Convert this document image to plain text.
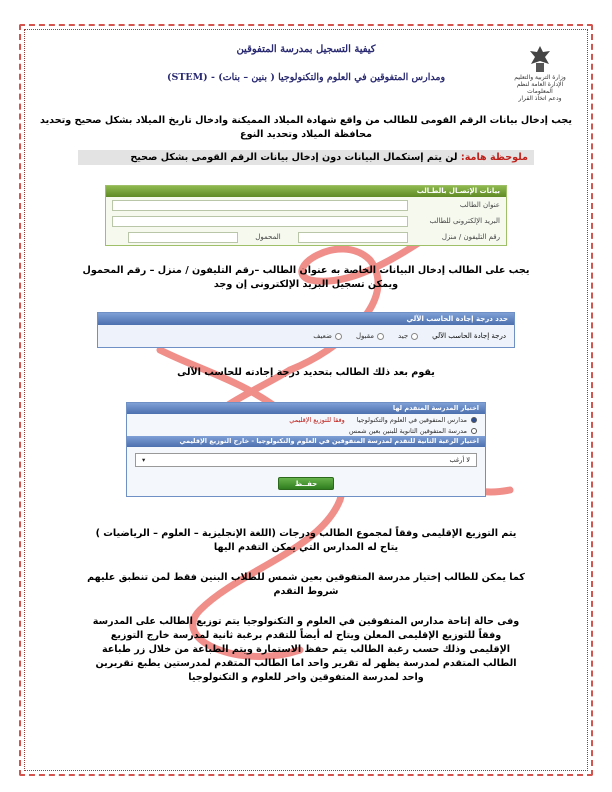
وزارة التربية والتعليم
الإدارة العامة لنظم المعلومات
ودعم اتخاذ القرار
كيفية التسجيل بمدرسة المتفوقين
ومدارس المتفوقين في العلوم والتكنولوجيا ( بنين – بنات) - (STEM)

يجب إدخال بيانات الرقم القومى للطالب من واقع شهادة الميلاد المميكنة وادخال تاريخ الميلاد بشكل صحيح وتحديد محافظة الميلاد وتحديد النوع

ملوحظة هامة: لن يتم إستكمال البيانات دون إدخال بيانات الرقم القومى بشكل صحيح
بيانات الإتصـال بالطـالب
عنوان الطالب
البريد الإلكترونى للطالب
رقم التليفون / منزل
المحمول

يجب على الطالب إدخال البيانات الخاصة به عنوان الطالب –رقم التليفون / منزل – رقم المحمول

ويمكن تسجيل البريد الإلكترونى إن وجد

حدد درجة إجادة الحاسب الآلي
درجة إجادة الحاسب الآلي
جيد
مقبول
ضعيف

يقوم بعد ذلك الطالب بتحديد درجة إجادته للحاسب الآلى

اختيار المدرسة المتقدم لها
مدارس المتفوقين في العلوم والتكنولوجيا
وفقا للتوزيع الإقليمي
مدرسة المتفوقين الثانوية للبنين بعين شمس
اختيار الرغبة الثانية للتقدم لمدرسة المتفوقين في العلوم والتكنولوجيا - خارج التوزيع الإقليمي
لا أرغب
▾
حفــظ

يتم التوزيع الإقليمى وفقاً لمجموع الطالب ودرجات (اللغة الإنجليزية – العلوم – الرياضيات )

يتاح له المدارس التي يمكن التقدم اليها

كما يمكن للطالب إختيار مدرسة المتفوقين بعين شمس للطلاب البنين فقط لمن تنطبق عليهم

شروط التقدم

وفى حالة إتاحة مدارس المتفوقين في العلوم و التكنولوجيا يتم توزيع الطالب على المدرسة وفقاً للتوزيع الإقليمى المعلن ويتاح له أيضاً للتقدم برغبة ثانية لمدرسة خارج التوزيع الإقليمى وذلك حسب رغبة الطالب يتم حفظ الاستمارة ويتم الطباعة من خلال زر طباعة الطالب المتقدم لمدرسة يظهر له تقرير واحد اما الطالب المتقدم لمدرستين يطبع تقريرين واحد لمدرسة المتفوقين واخر للعلوم و التكنولوجيا
